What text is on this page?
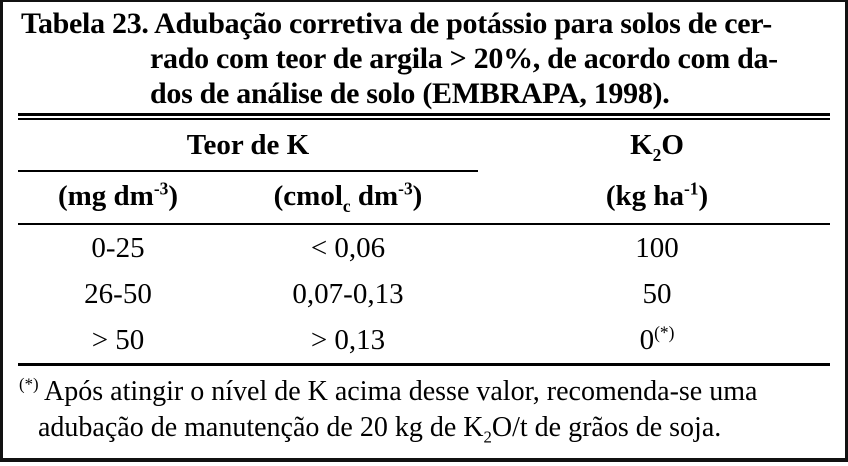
Tabela 23. Adubação corretiva de potássio para solos de cer-
rado com teor de argila > 20%, de acordo com da-
dos de análise de solo (EMBRAPA, 1998).
Teor de K	$K_2O$
(mg $dm^{-3}$)	(cmol$_c$ $dm^{-3}$)	(kg $ha^{-1}$)
0-25	< 0,06	100
26-50	0,07-0,13	50
> 50	> 0,13	0(*)
(*) Após atingir o nível de K acima desse valor, recomenda-se uma
adubação de manutenção de 20 kg de $K_2O/t$ de grãos de soja.
